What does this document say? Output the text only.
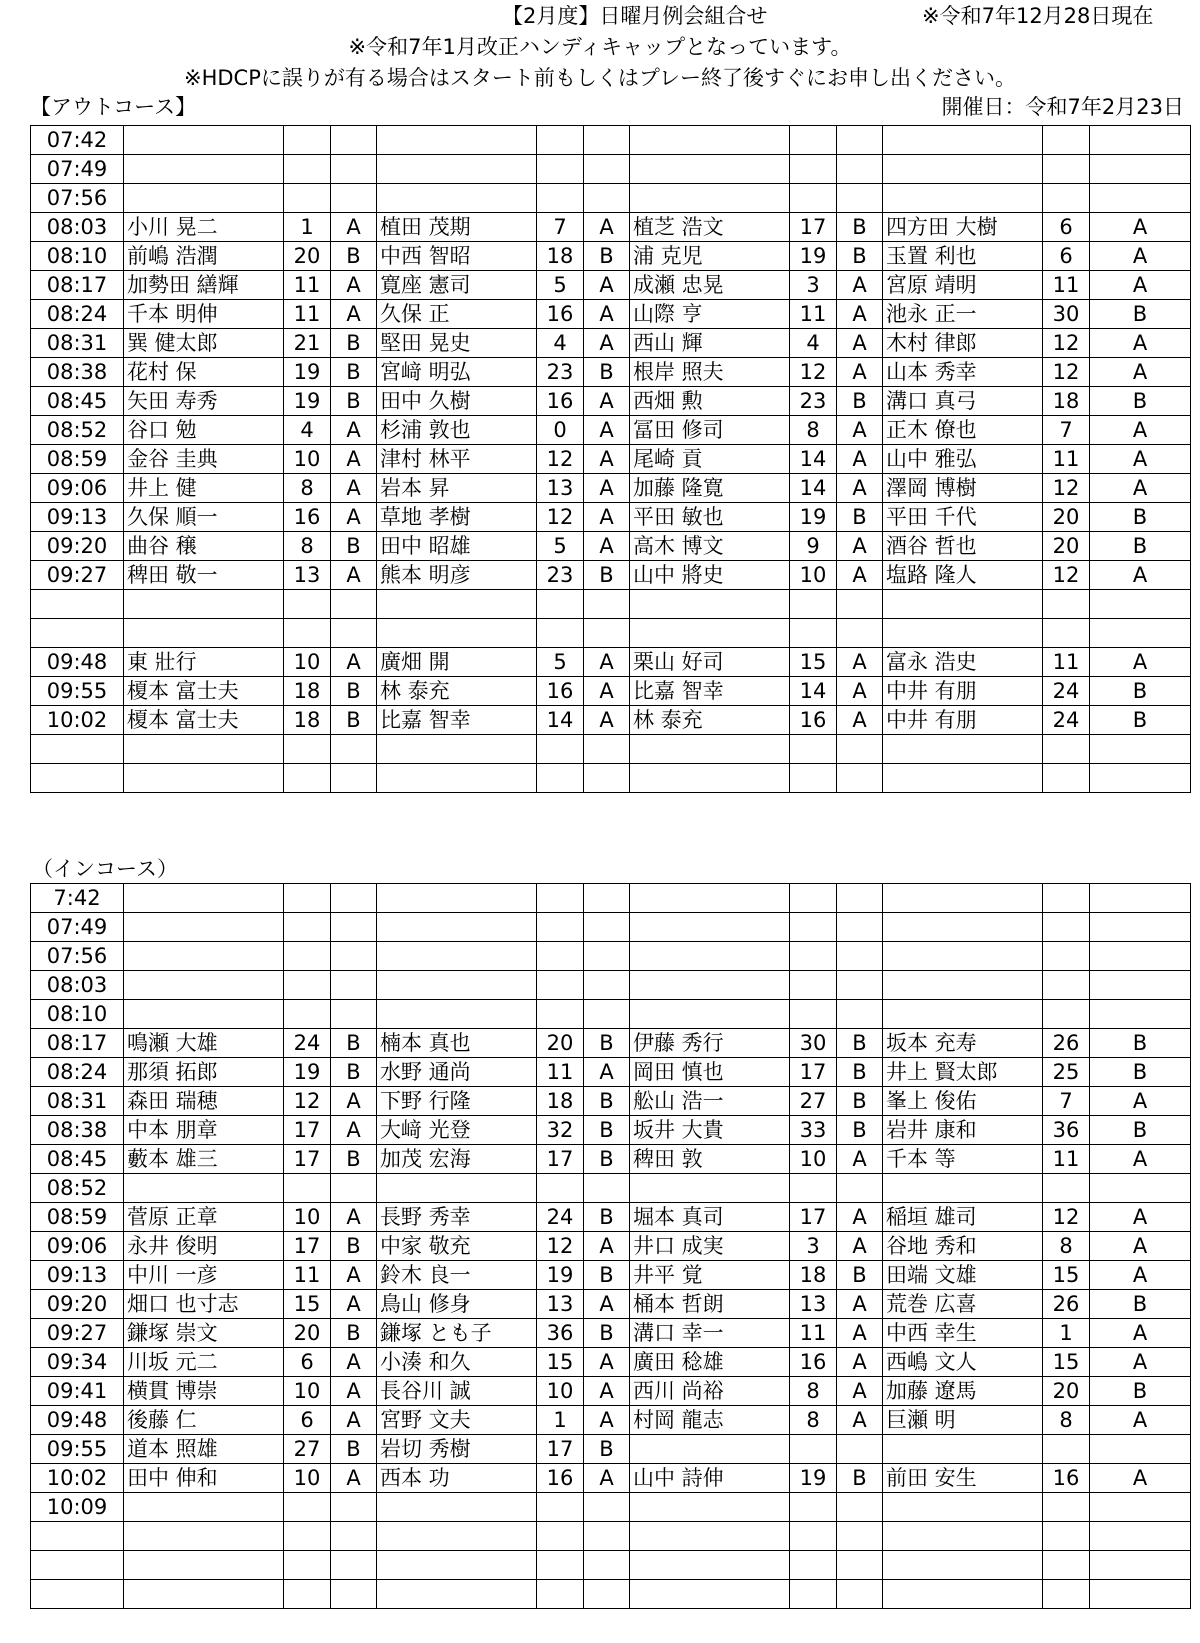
【2月度】日曜月例会組合せ	※令和7年12月28日現在
※令和7年1月改正ハンディキャップとなっています。
※HDCPに誤りが有る場合はスタート前もしくはプレー終了後すぐにお申し出ください。
【アウトコース】	開催日：令和7年2月23日
07:42												
07:49												
07:56												
08:03	小川 晃二	1	A	植田 茂期	7	A	植芝 浩文	17	B	四方田 大樹	6	A
08:10	前嶋 浩潤	20	B	中西 智昭	18	B	浦 克児	19	B	玉置 利也	6	A
08:17	加勢田 繕輝	11	A	寛座 憲司	5	A	成瀬 忠晃	3	A	宮原 靖明	11	A
08:24	千本 明伸	11	A	久保 正	16	A	山際 亨	11	A	池永 正一	30	B
08:31	巽 健太郎	21	B	堅田 晃史	4	A	西山 輝	4	A	木村 律郎	12	A
08:38	花村 保	19	B	宮﨑 明弘	23	B	根岸 照夫	12	A	山本 秀幸	12	A
08:45	矢田 寿秀	19	B	田中 久樹	16	A	西畑 勲	23	B	溝口 真弓	18	B
08:52	谷口 勉	4	A	杉浦 敦也	0	A	冨田 修司	8	A	正木 僚也	7	A
08:59	金谷 圭典	10	A	津村 林平	12	A	尾崎 貢	14	A	山中 雅弘	11	A
09:06	井上 健	8	A	岩本 昇	13	A	加藤 隆寛	14	A	澤岡 博樹	12	A
09:13	久保 順一	16	A	草地 孝樹	12	A	平田 敏也	19	B	平田 千代	20	B
09:20	曲谷 穣	8	B	田中 昭雄	5	A	高木 博文	9	A	酒谷 哲也	20	B
09:27	稗田 敬一	13	A	熊本 明彦	23	B	山中 將史	10	A	塩路 隆人	12	A

09:48	東 壯行	10	A	廣畑 開	5	A	栗山 好司	15	A	富永 浩史	11	A
09:55	榎本 富士夫	18	B	林 泰充	16	A	比嘉 智幸	14	A	中井 有朋	24	B
10:02	榎本 富士夫	18	B	比嘉 智幸	14	A	林 泰充	16	A	中井 有朋	24	B

（インコース）
7:42												
07:49												
07:56												
08:03												
08:10												
08:17	鳴瀬 大雄	24	B	楠本 真也	20	B	伊藤 秀行	30	B	坂本 充寿	26	B
08:24	那須 拓郎	19	B	水野 通尚	11	A	岡田 慎也	17	B	井上 賢太郎	25	B
08:31	森田 瑞穂	12	A	下野 行隆	18	B	舩山 浩一	27	B	峯上 俊佑	7	A
08:38	中本 朋章	17	A	大﨑 光登	32	B	坂井 大貴	33	B	岩井 康和	36	B
08:45	藪本 雄三	17	B	加茂 宏海	17	B	稗田 敦	10	A	千本 等	11	A
08:52												
08:59	菅原 正章	10	A	長野 秀幸	24	B	堀本 真司	17	A	稲垣 雄司	12	A
09:06	永井 俊明	17	B	中家 敬充	12	A	井口 成実	3	A	谷地 秀和	8	A
09:13	中川 一彦	11	A	鈴木 良一	19	B	井平 覚	18	B	田端 文雄	15	A
09:20	畑口 也寸志	15	A	鳥山 修身	13	A	桶本 哲朗	13	A	荒巻 広喜	26	B
09:27	鎌塚 崇文	20	B	鎌塚 とも子	36	B	溝口 幸一	11	A	中西 幸生	1	A
09:34	川坂 元二	6	A	小湊 和久	15	A	廣田 稔雄	16	A	西嶋 文人	15	A
09:41	横貫 博崇	10	A	長谷川 誠	10	A	西川 尚裕	8	A	加藤 遼馬	20	B
09:48	後藤 仁	6	A	宮野 文夫	1	A	村岡 龍志	8	A	巨瀬 明	8	A
09:55	道本 照雄	27	B	岩切 秀樹	17	B						
10:02	田中 伸和	10	A	西本 功	16	A	山中 詩伸	19	B	前田 安生	16	A
10:09												
